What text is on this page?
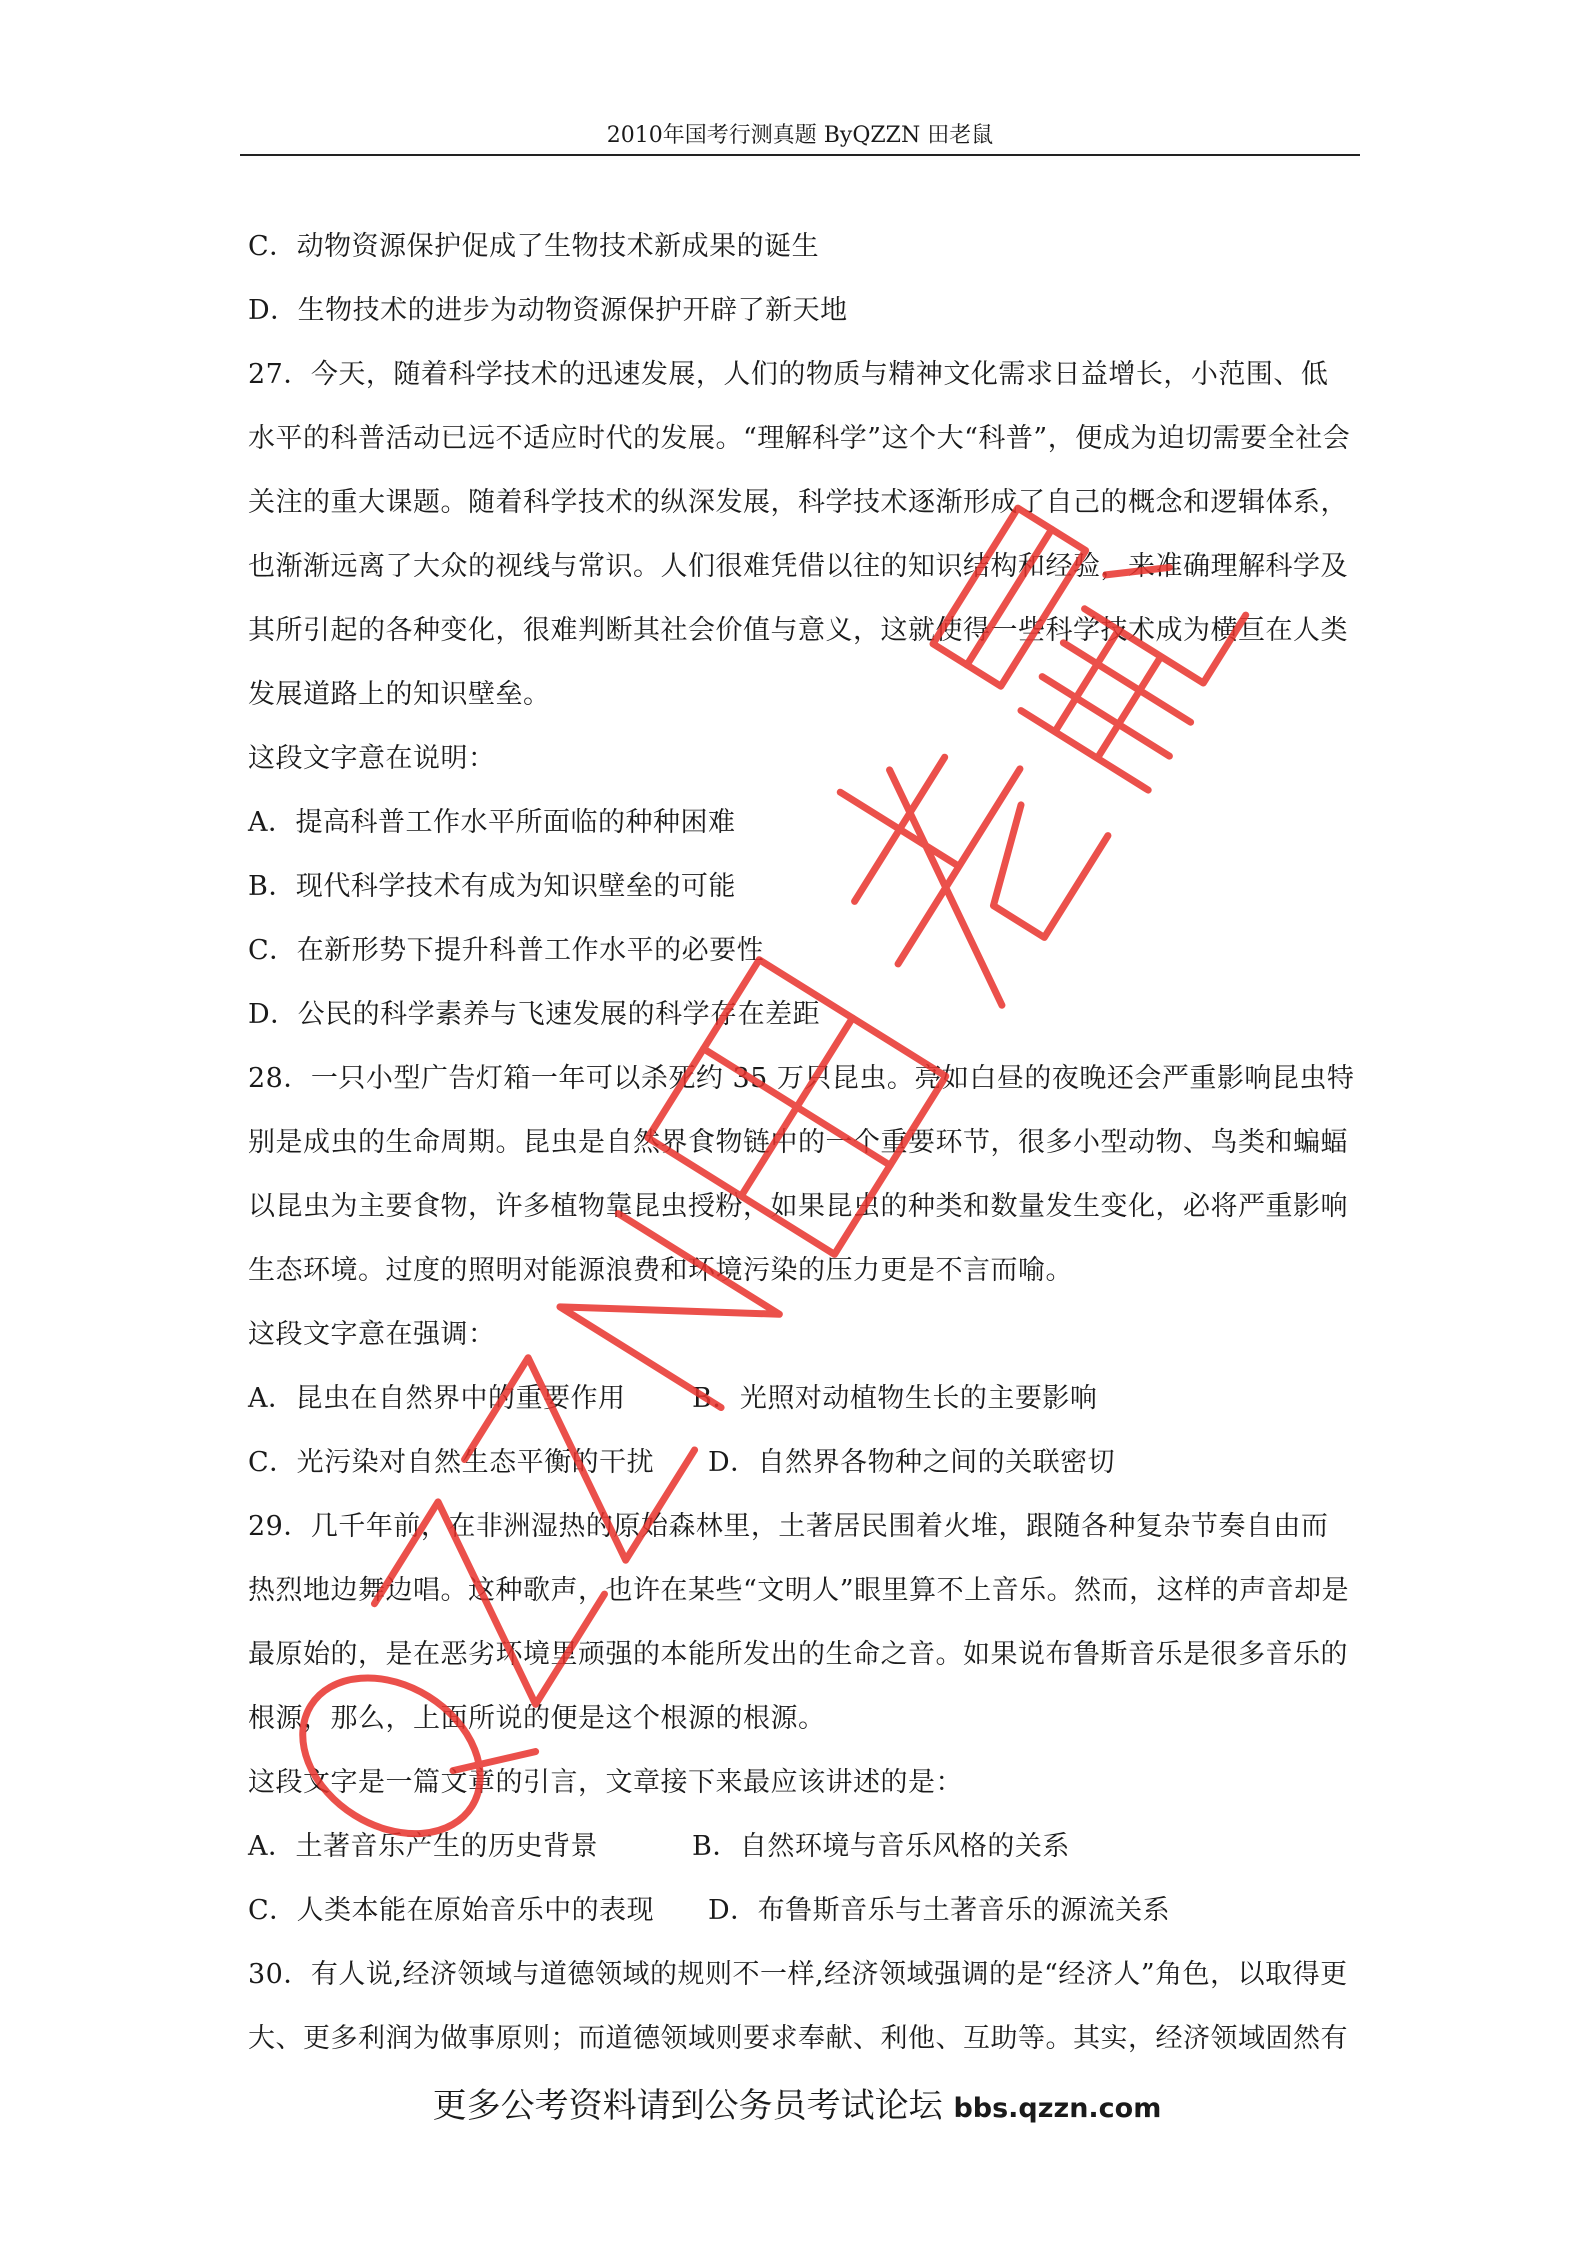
2010年国考行测真题 ByQZZN 田老鼠
C．动物资源保护促成了生物技术新成果的诞生
D．生物技术的进步为动物资源保护开辟了新天地
27．今天，随着科学技术的迅速发展，人们的物质与精神文化需求日益增长，小范围、低
水平的科普活动已远不适应时代的发展。“理解科学”这个大“科普”，便成为迫切需要全社会
关注的重大课题。随着科学技术的纵深发展，科学技术逐渐形成了自己的概念和逻辑体系，
也渐渐远离了大众的视线与常识。人们很难凭借以往的知识结构和经验，来准确理解科学及
其所引起的各种变化，很难判断其社会价值与意义，这就使得一些科学技术成为横亘在人类
发展道路上的知识壁垒。
这段文字意在说明：
A．提高科普工作水平所面临的种种困难
B．现代科学技术有成为知识壁垒的可能
C．在新形势下提升科普工作水平的必要性
D．公民的科学素养与飞速发展的科学存在差距
28．一只小型广告灯箱一年可以杀死约 35 万只昆虫。亮如白昼的夜晚还会严重影响昆虫特
别是成虫的生命周期。昆虫是自然界食物链中的一个重要环节，很多小型动物、鸟类和蝙蝠
以昆虫为主要食物，许多植物靠昆虫授粉，如果昆虫的种类和数量发生变化，必将严重影响
生态环境。过度的照明对能源浪费和环境污染的压力更是不言而喻。
这段文字意在强调：
A．昆虫在自然界中的重要作用 B．光照对动植物生长的主要影响
C．光污染对自然生态平衡的干扰 D．自然界各物种之间的关联密切
29．几千年前，在非洲湿热的原始森林里，土著居民围着火堆，跟随各种复杂节奏自由而
热烈地边舞边唱。这种歌声，也许在某些“文明人”眼里算不上音乐。然而，这样的声音却是
最原始的，是在恶劣环境里顽强的本能所发出的生命之音。如果说布鲁斯音乐是很多音乐的
根源，那么，上面所说的便是这个根源的根源。
这段文字是一篇文章的引言，文章接下来最应该讲述的是：
A．土著音乐产生的历史背景	B．自然环境与音乐风格的关系
C．人类本能在原始音乐中的表现 D．布鲁斯音乐与土著音乐的源流关系
30．有人说,经济领域与道德领域的规则不一样,经济领域强调的是“经济人”角色，以取得更
大、更多利润为做事原则；而道德领域则要求奉献、利他、互助等。其实，经济领域固然有
更多公考资料请到公务员考试论坛 bbs.qzzn.com
